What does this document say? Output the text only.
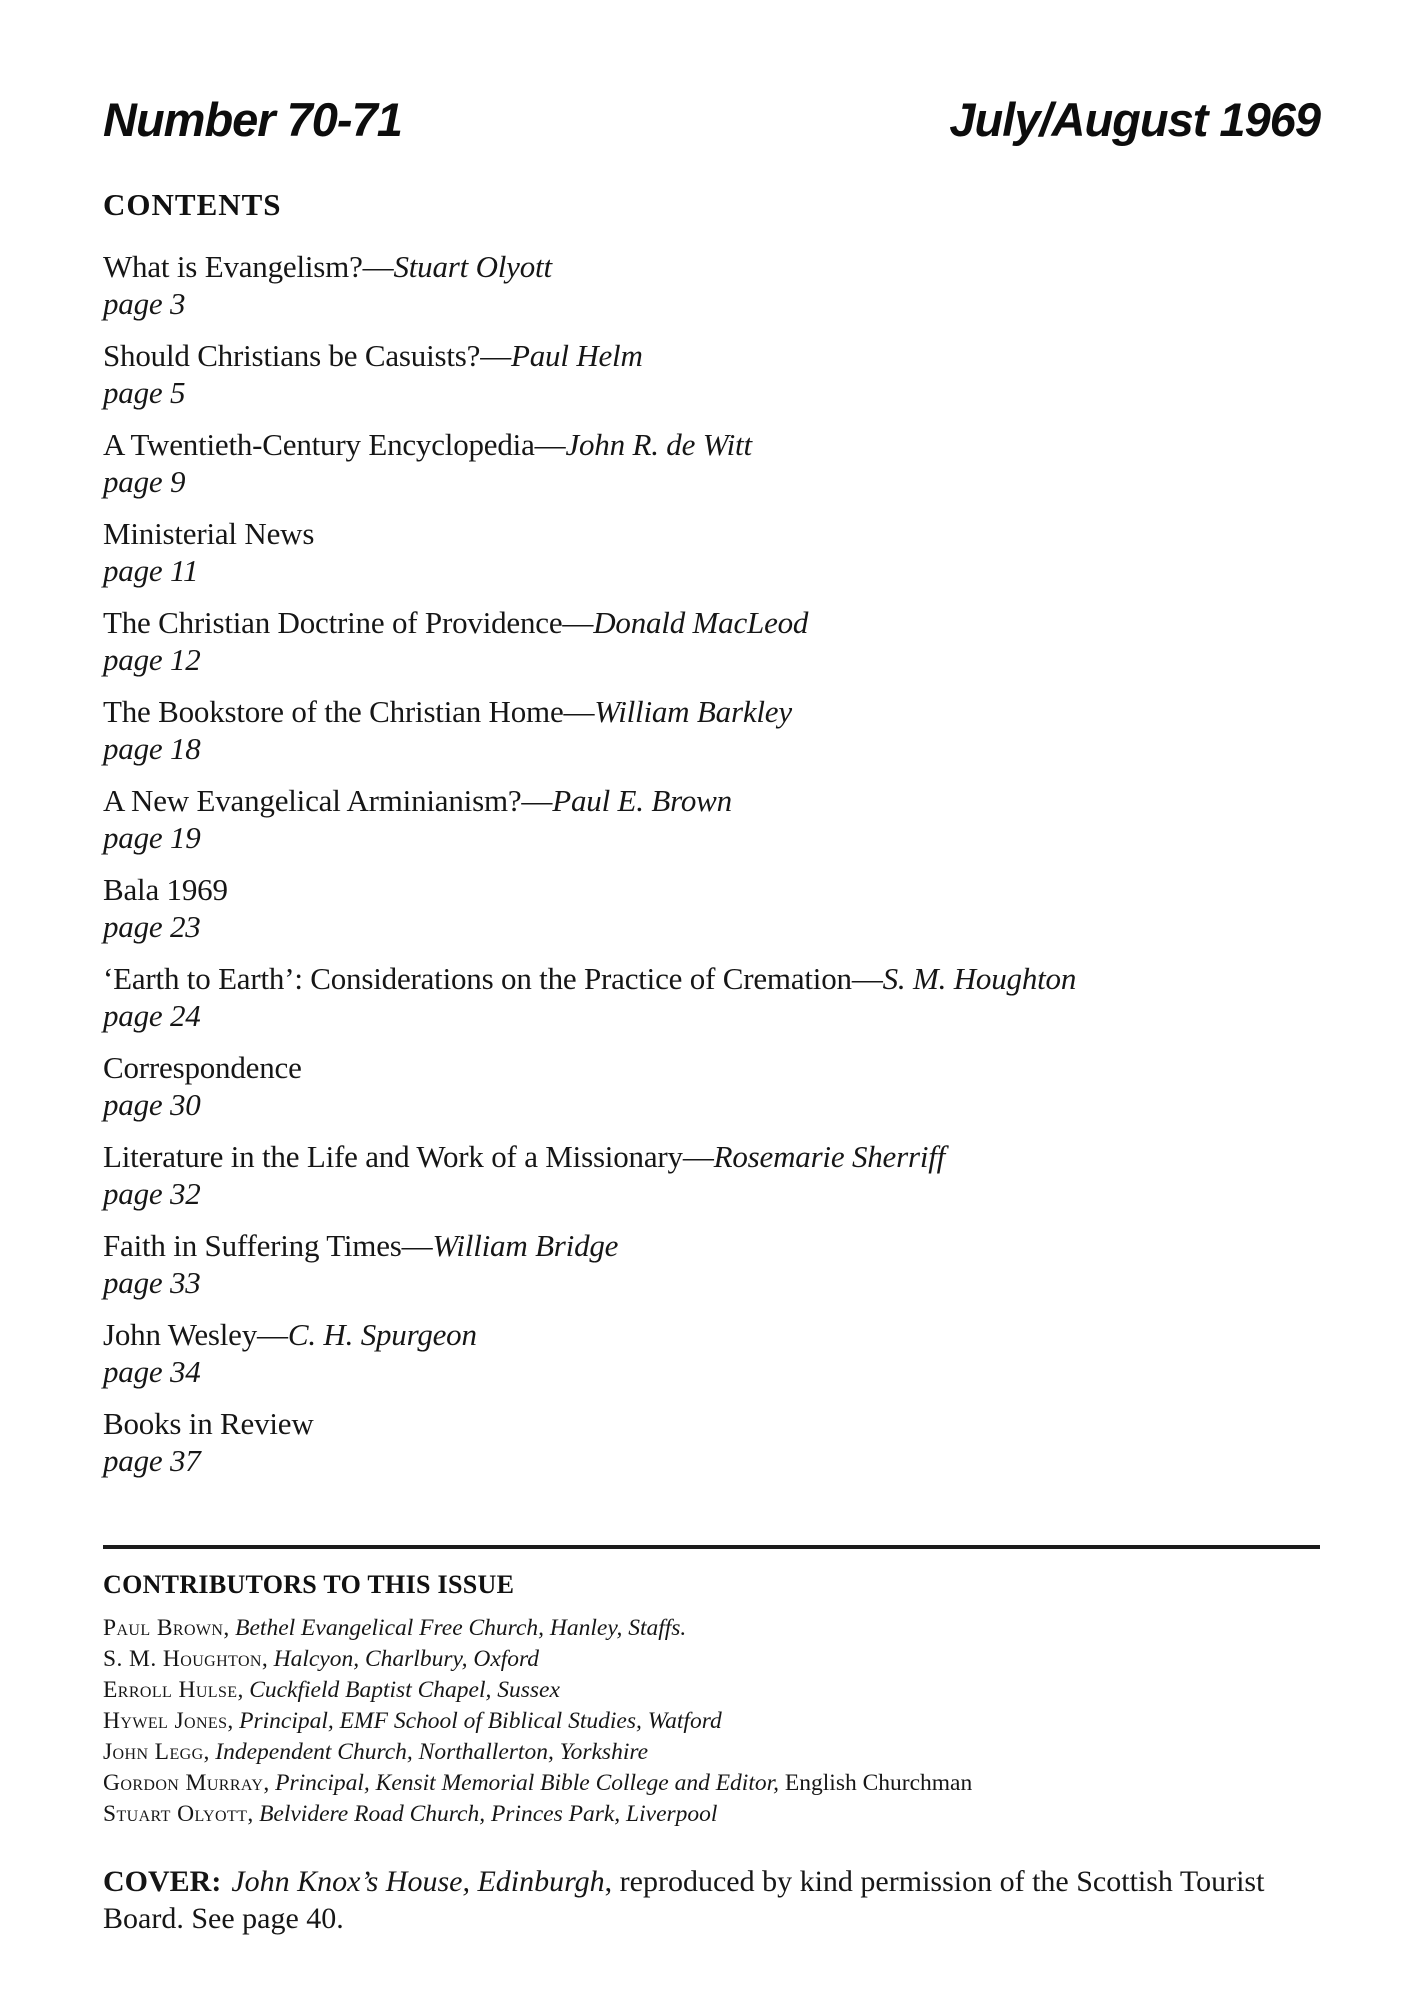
Number 70-71	July/August 1969
CONTENTS
What is Evangelism?—Stuart Olyott
page 3
Should Christians be Casuists?—Paul Helm
page 5
A Twentieth-Century Encyclopedia—John R. de Witt
page 9
Ministerial News
page 11
The Christian Doctrine of Providence—Donald MacLeod
page 12
The Bookstore of the Christian Home—William Barkley
page 18
A New Evangelical Arminianism?—Paul E. Brown
page 19
Bala 1969
page 23
‘Earth to Earth’: Considerations on the Practice of Cremation—S. M. Houghton
page 24
Correspondence
page 30
Literature in the Life and Work of a Missionary—Rosemarie Sherriff
page 32
Faith in Suffering Times—William Bridge
page 33
John Wesley—C. H. Spurgeon
page 34
Books in Review
page 37
CONTRIBUTORS TO THIS ISSUE
Paul Brown, Bethel Evangelical Free Church, Hanley, Staffs.
S. M. Houghton, Halcyon, Charlbury, Oxford
Erroll Hulse, Cuckfield Baptist Chapel, Sussex
Hywel Jones, Principal, EMF School of Biblical Studies, Watford
John Legg, Independent Church, Northallerton, Yorkshire
Gordon Murray, Principal, Kensit Memorial Bible College and Editor, English Churchman
Stuart Olyott, Belvidere Road Church, Princes Park, Liverpool

COVER: John Knox’s House, Edinburgh, reproduced by kind permission of the Scottish Tourist Board. See page 40.
